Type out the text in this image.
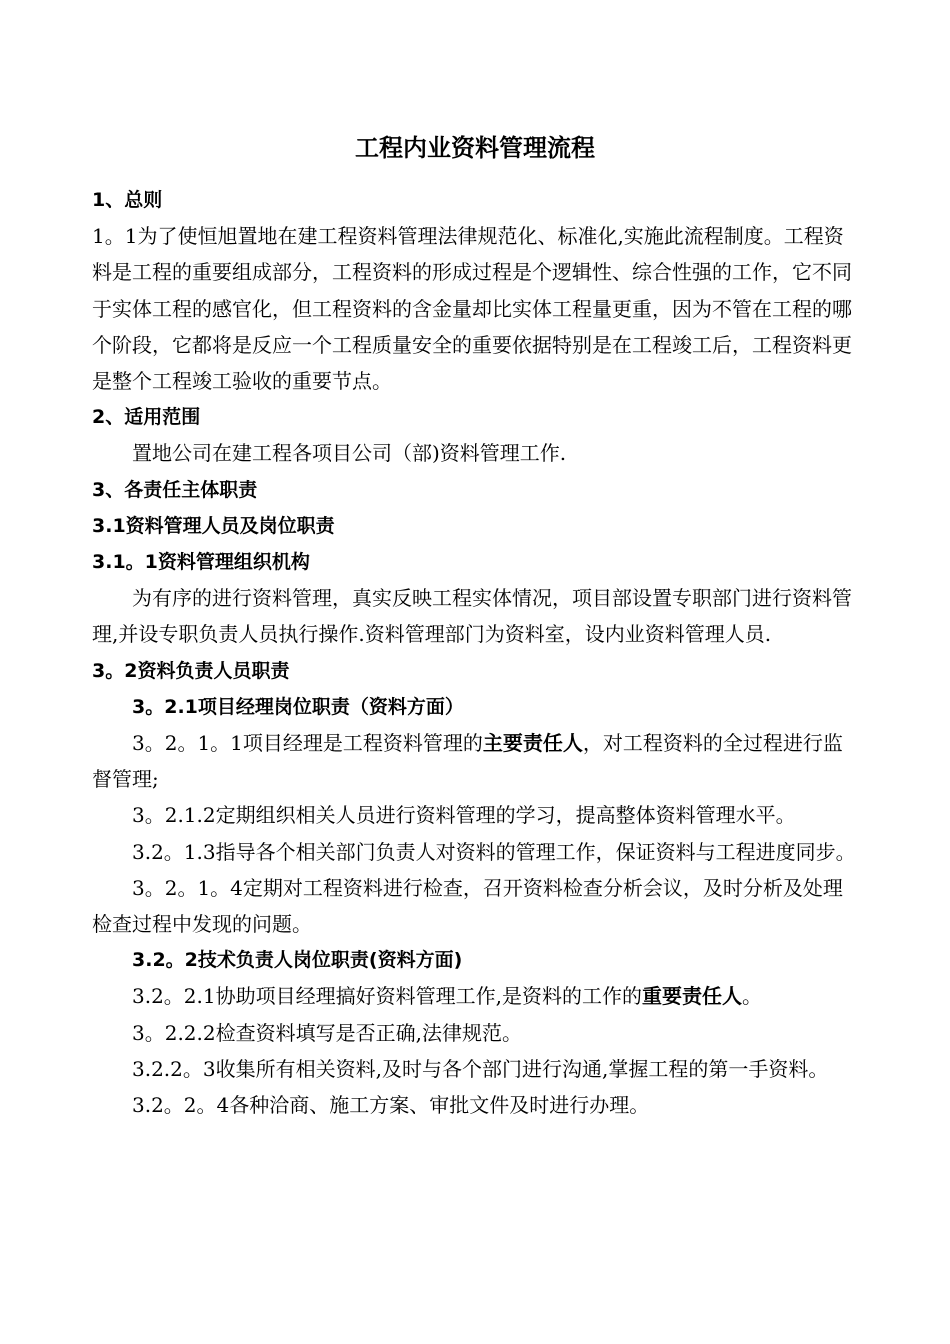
工程内业资料管理流程

1、总则

1。1为了使恒旭置地在建工程资料管理法律规范化、标准化,实施此流程制度。工程资料是工程的重要组成部分，工程资料的形成过程是个逻辑性、综合性强的工作，它不同于实体工程的感官化，但工程资料的含金量却比实体工程量更重，因为不管在工程的哪个阶段，它都将是反应一个工程质量安全的重要依据特别是在工程竣工后，工程资料更是整个工程竣工验收的重要节点。

2、适用范围

置地公司在建工程各项目公司（部)资料管理工作.

3、各责任主体职责

3.1资料管理人员及岗位职责

3.1。1资料管理组织机构

为有序的进行资料管理，真实反映工程实体情况，项目部设置专职部门进行资料管理,并设专职负责人员执行操作.资料管理部门为资料室，设内业资料管理人员.

3。2资料负责人员职责

3。2.1项目经理岗位职责（资料方面）

3。2。1。1项目经理是工程资料管理的主要责任人，对工程资料的全过程进行监督管理;

3。2.1.2定期组织相关人员进行资料管理的学习，提高整体资料管理水平。

3.2。1.3指导各个相关部门负责人对资料的管理工作，保证资料与工程进度同步。

3。2。1。4定期对工程资料进行检查，召开资料检查分析会议，及时分析及处理检查过程中发现的问题。

3.2。2技术负责人岗位职责(资料方面)

3.2。2.1协助项目经理搞好资料管理工作,是资料的工作的重要责任人。

3。2.2.2检查资料填写是否正确,法律规范。

3.2.2。3收集所有相关资料,及时与各个部门进行沟通,掌握工程的第一手资料。

3.2。2。4各种洽商、施工方案、审批文件及时进行办理。
